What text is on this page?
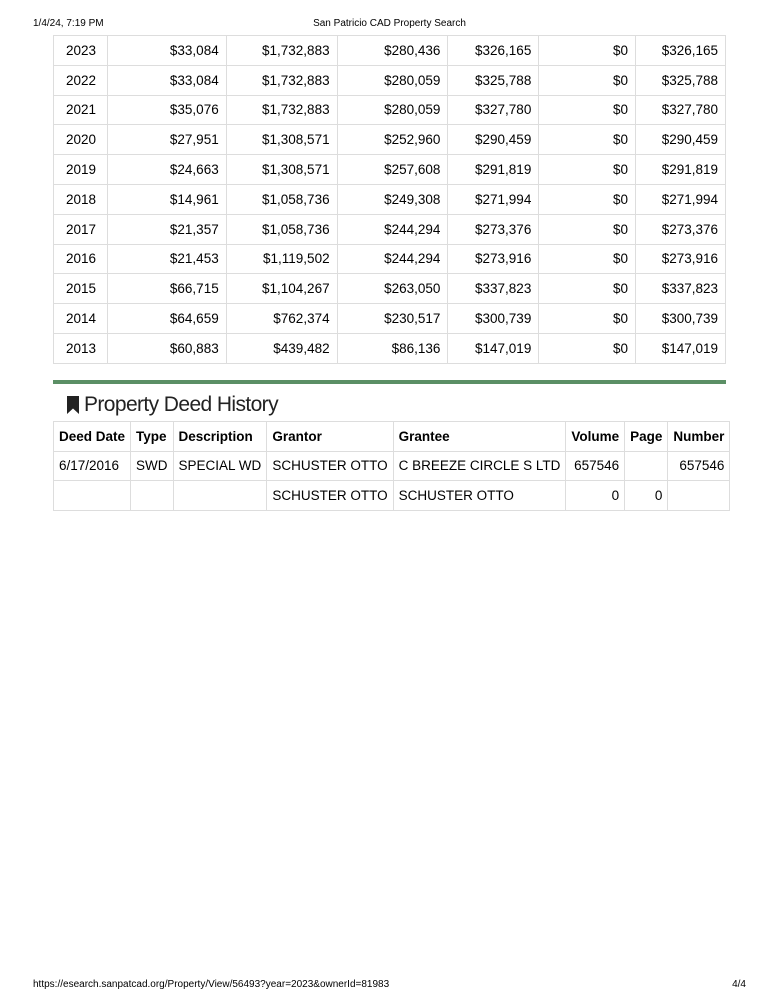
1/4/24, 7:19 PM	San Patricio CAD Property Search
2023	$33,084	$1,732,883	$280,436	$326,165	$0	$326,165
2022	$33,084	$1,732,883	$280,059	$325,788	$0	$325,788
2021	$35,076	$1,732,883	$280,059	$327,780	$0	$327,780
2020	$27,951	$1,308,571	$252,960	$290,459	$0	$290,459
2019	$24,663	$1,308,571	$257,608	$291,819	$0	$291,819
2018	$14,961	$1,058,736	$249,308	$271,994	$0	$271,994
2017	$21,357	$1,058,736	$244,294	$273,376	$0	$273,376
2016	$21,453	$1,119,502	$244,294	$273,916	$0	$273,916
2015	$66,715	$1,104,267	$263,050	$337,823	$0	$337,823
2014	$64,659	$762,374	$230,517	$300,739	$0	$300,739
2013	$60,883	$439,482	$86,136	$147,019	$0	$147,019
Property Deed History
Deed Date	Type	Description	Grantor	Grantee	Volume	Page	Number
6/17/2016	SWD	SPECIAL WD	SCHUSTER OTTO	C BREEZE CIRCLE S LTD	657546		657546
			SCHUSTER OTTO	SCHUSTER OTTO	0	0	
https://esearch.sanpatcad.org/Property/View/56493?year=2023&ownerId=81983	4/4
